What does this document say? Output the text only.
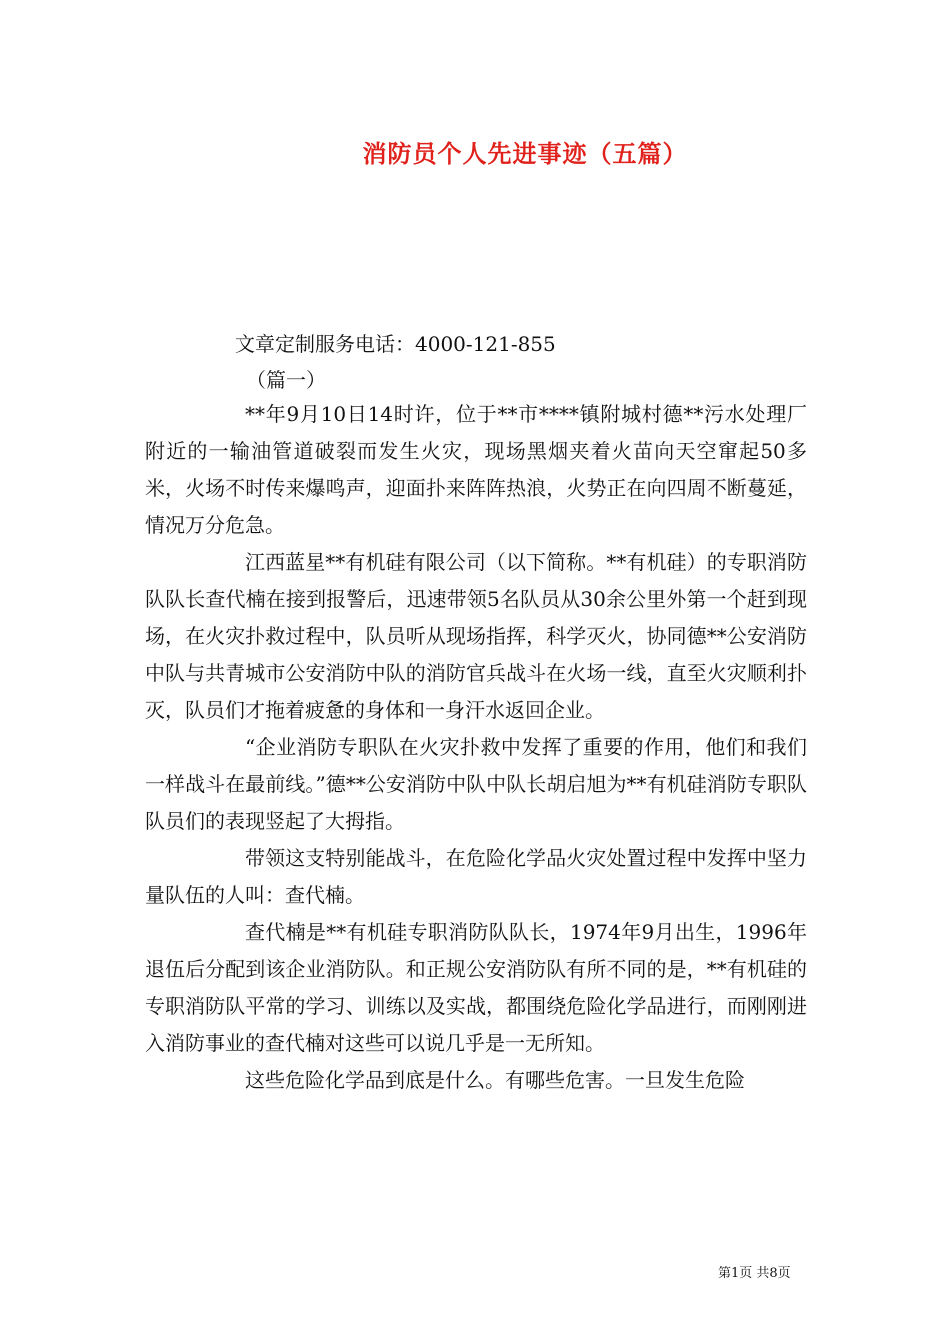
消防员个人先进事迹（五篇）
文章定制服务电话：4000-121-855
（篇一）

**年9月10日14时许，位于**市****镇附城村德**污水处理厂附近的一输油管道破裂而发生火灾，现场黑烟夹着火苗向天空窜起50多米，火场不时传来爆鸣声，迎面扑来阵阵热浪，火势正在向四周不断蔓延，情况万分危急。

江西蓝星**有机硅有限公司（以下简称。**有机硅）的专职消防队队长查代楠在接到报警后，迅速带领5名队员从30余公里外第一个赶到现场，在火灾扑救过程中，队员听从现场指挥，科学灭火，协同德**公安消防中队与共青城市公安消防中队的消防官兵战斗在火场一线，直至火灾顺利扑灭，队员们才拖着疲惫的身体和一身汗水返回企业。

“企业消防专职队在火灾扑救中发挥了重要的作用，他们和我们一样战斗在最前线。”德**公安消防中队中队长胡启旭为**有机硅消防专职队队员们的表现竖起了大拇指。

带领这支特别能战斗，在危险化学品火灾处置过程中发挥中坚力量队伍的人叫：查代楠。

查代楠是**有机硅专职消防队队长，1974年9月出生，1996年退伍后分配到该企业消防队。和正规公安消防队有所不同的是，**有机硅的专职消防队平常的学习、训练以及实战，都围绕危险化学品进行，而刚刚进入消防事业的查代楠对这些可以说几乎是一无所知。

这些危险化学品到底是什么。有哪些危害。一旦发生危险

第1页 共8页
